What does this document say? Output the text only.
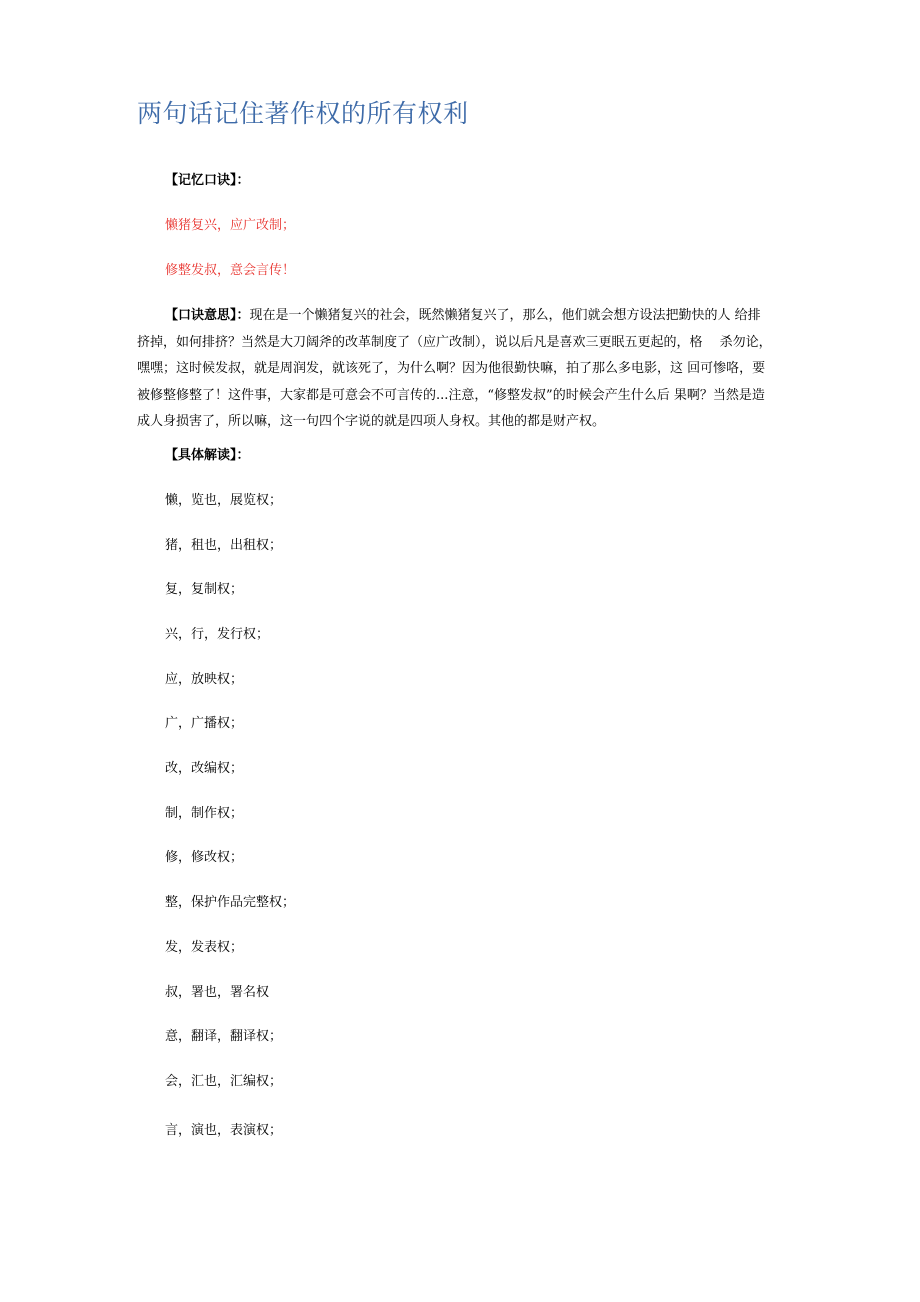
两句话记住著作权的所有权利
【记忆口诀】：
懒猪复兴，应广改制；
修整发叔，意会言传！
【口诀意思】：现在是一个懒猪复兴的社会，既然懒猪复兴了，那么，他们就会想方设法把勤快的人 给排
挤掉，如何排挤？当然是大刀阔斧的改革制度了（应广改制），说以后凡是喜欢三更眠五更起的，格　 杀勿论，
嘿嘿；这时候发叔，就是周润发，就该死了，为什么啊？因为他很勤快嘛，拍了那么多电影，这 回可惨咯，要
被修整修整了！这件事，大家都是可意会不可言传的...注意，“修整发叔”的时候会产生什么后 果啊？当然是造
成人身损害了，所以嘛，这一句四个字说的就是四项人身权。其他的都是财产权。
【具体解读】：
懒，览也，展览权；
猪，租也，出租权；
复，复制权；
兴，行，发行权；
应，放映权；
广，广播权；
改，改编权；
制，制作权；
修，修改权；
整，保护作品完整权；
发，发表权；
叔，署也，署名权
意，翻译，翻译权；
会，汇也，汇编权；
言，演也，表演权；
